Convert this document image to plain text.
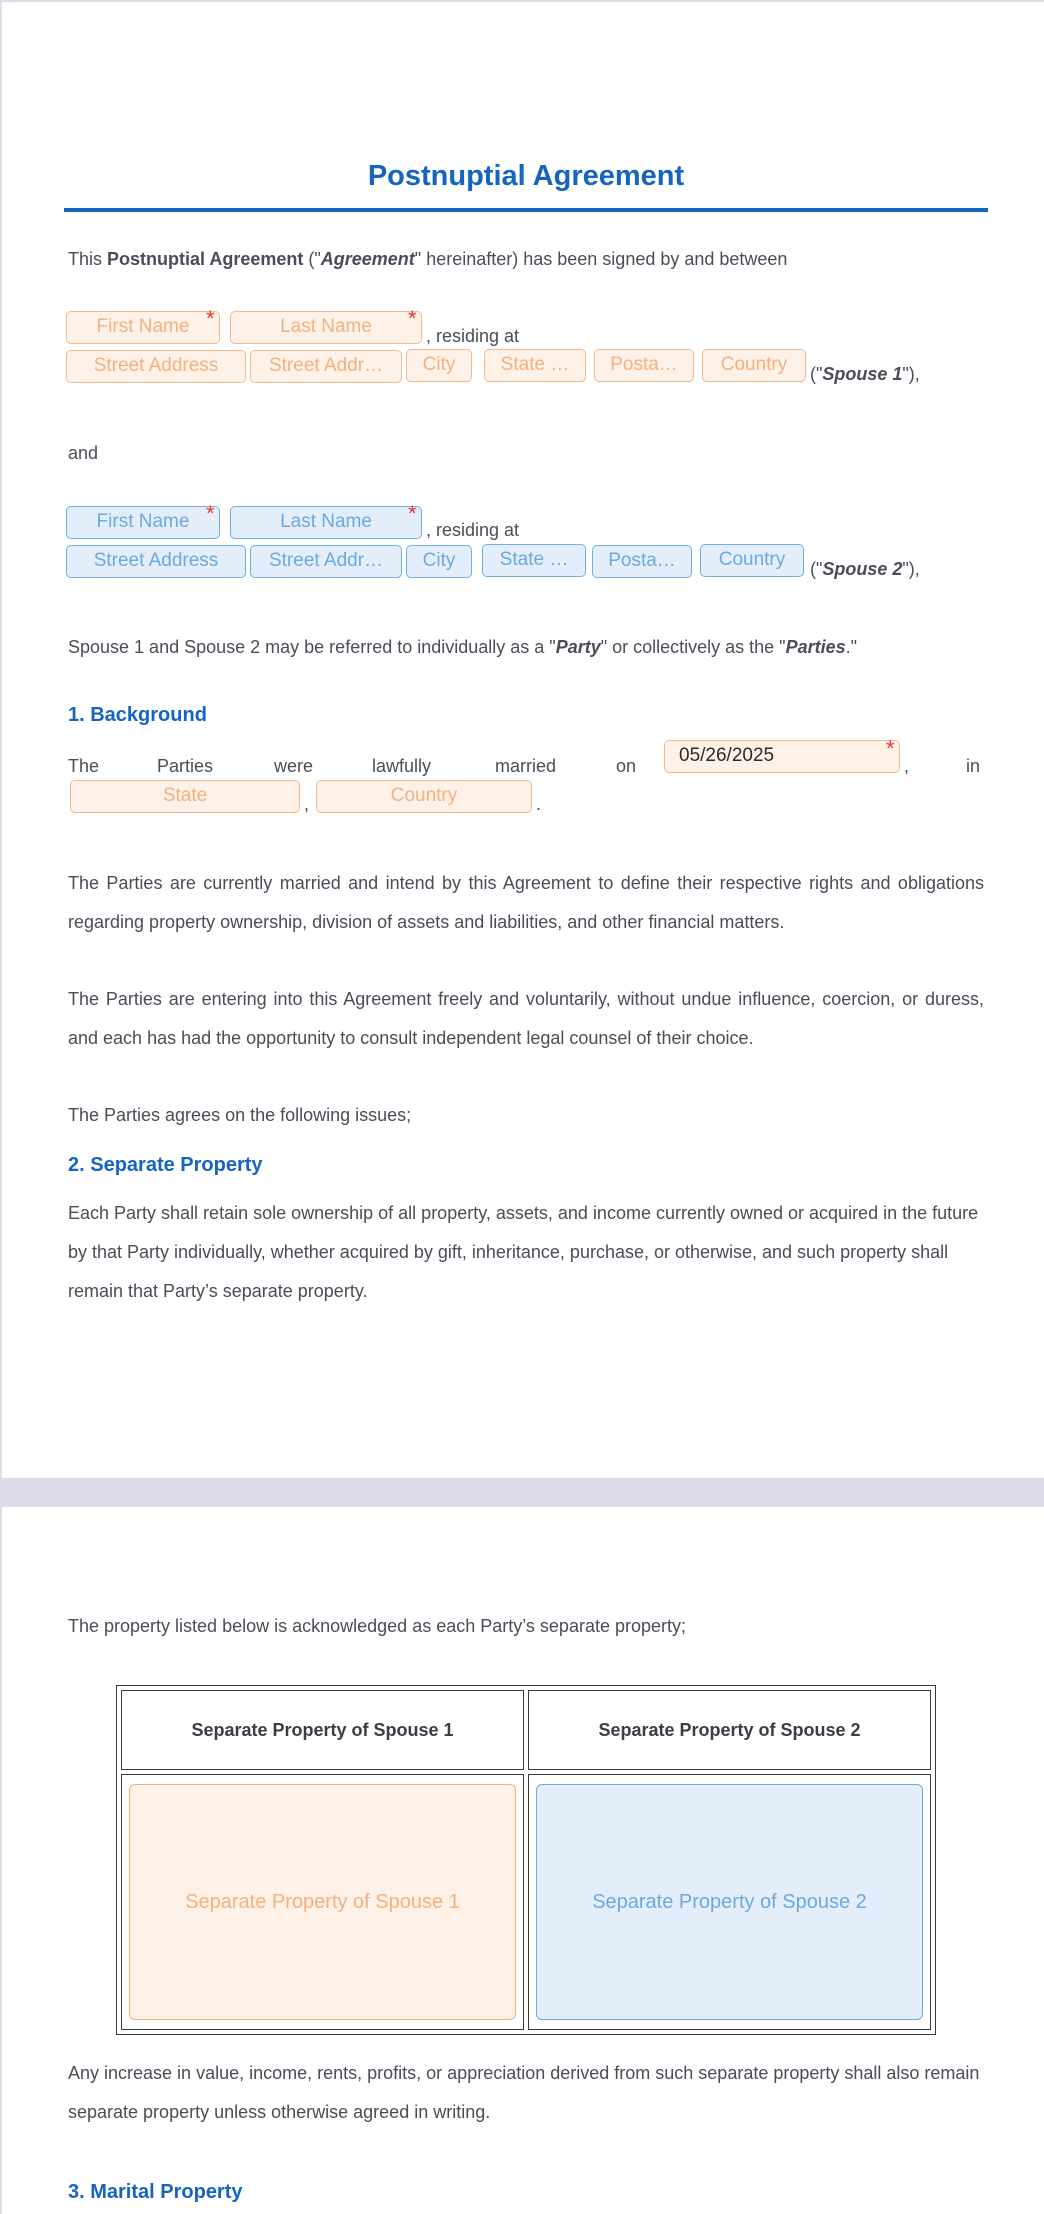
Postnuptial Agreement
This Postnuptial Agreement ("Agreement" hereinafter) has been signed by and between
First Name *	Last Name	*
, residing at
Street Address	Street Addr…	City	State …	Posta…	Country	("Spouse 1"),
and
First Name *	Last Name	*
, residing at
Street Address	Street Addr…	City	State …	Posta…	Country	("Spouse 2"),
Spouse 1 and Spouse 2 may be referred to individually as a "Party" or collectively as the "Parties."
1. Background
The	Parties	were	lawfully	married	on	05/26/2025	*
,	in
State	,	Country	.
The Parties are currently married and intend by this Agreement to define their respective rights and obligations regarding property ownership, division of assets and liabilities, and other financial matters.
The Parties are entering into this Agreement freely and voluntarily, without undue influence, coercion, or duress, and each has had the opportunity to consult independent legal counsel of their choice.
The Parties agrees on the following issues;
2. Separate Property
Each Party shall retain sole ownership of all property, assets, and income currently owned or acquired in the future by that Party individually, whether acquired by gift, inheritance, purchase, or otherwise, and such property shall remain that Party’s separate property.
The property listed below is acknowledged as each Party’s separate property;
Separate Property of Spouse 1	Separate Property of Spouse 2

Separate Property of Spouse 1	Separate Property of Spouse 2
Any increase in value, income, rents, profits, or appreciation derived from such separate property shall also remain separate property unless otherwise agreed in writing.
3. Marital Property
